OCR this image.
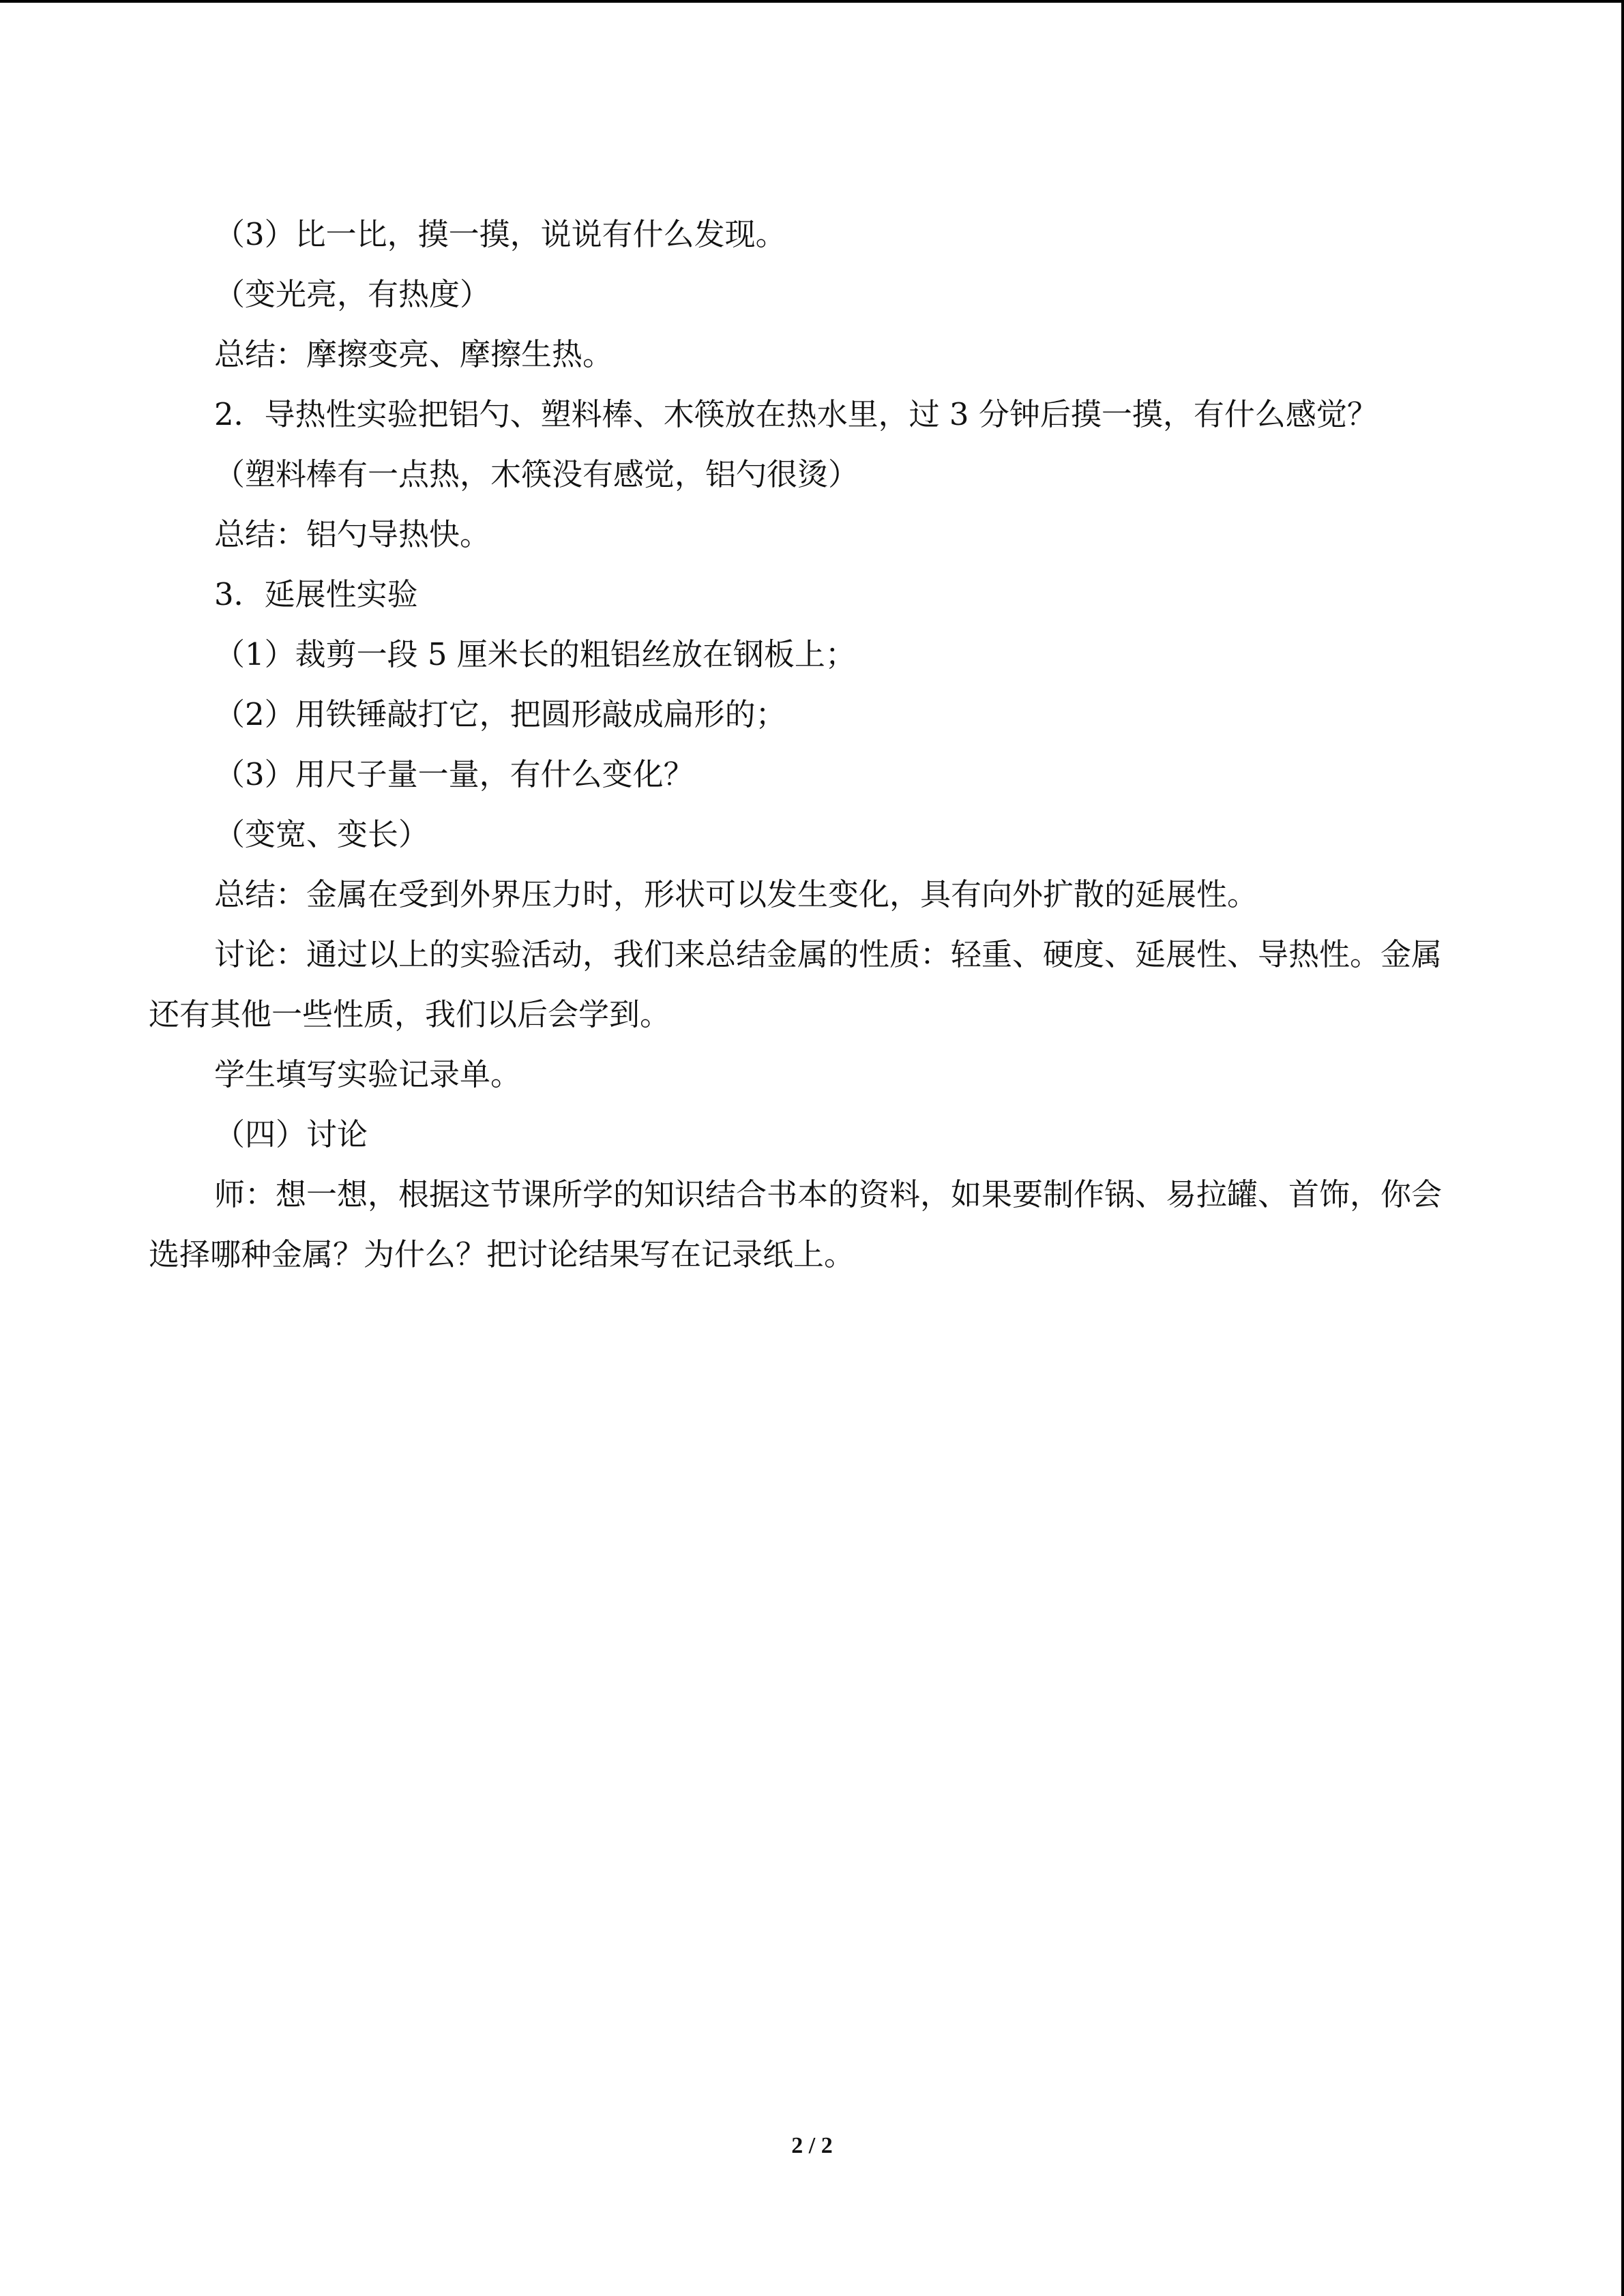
（3）比一比，摸一摸，说说有什么发现。

（变光亮，有热度）

总结：摩擦变亮、摩擦生热。

2．导热性实验把铝勺、塑料棒、木筷放在热水里，过 3 分钟后摸一摸，有什么感觉？

（塑料棒有一点热，木筷没有感觉，铝勺很烫）

总结：铝勺导热快。

3．延展性实验

（1）裁剪一段 5 厘米长的粗铝丝放在钢板上；

（2）用铁锤敲打它，把圆形敲成扁形的；

（3）用尺子量一量，有什么变化？

（变宽、变长）

总结：金属在受到外界压力时，形状可以发生变化，具有向外扩散的延展性。

讨论：通过以上的实验活动，我们来总结金属的性质：轻重、硬度、延展性、导热性。金属还有其他一些性质，我们以后会学到。

学生填写实验记录单。

（四）讨论

师：想一想，根据这节课所学的知识结合书本的资料，如果要制作锅、易拉罐、首饰，你会选择哪种金属？为什么？把讨论结果写在记录纸上。

2 / 2
